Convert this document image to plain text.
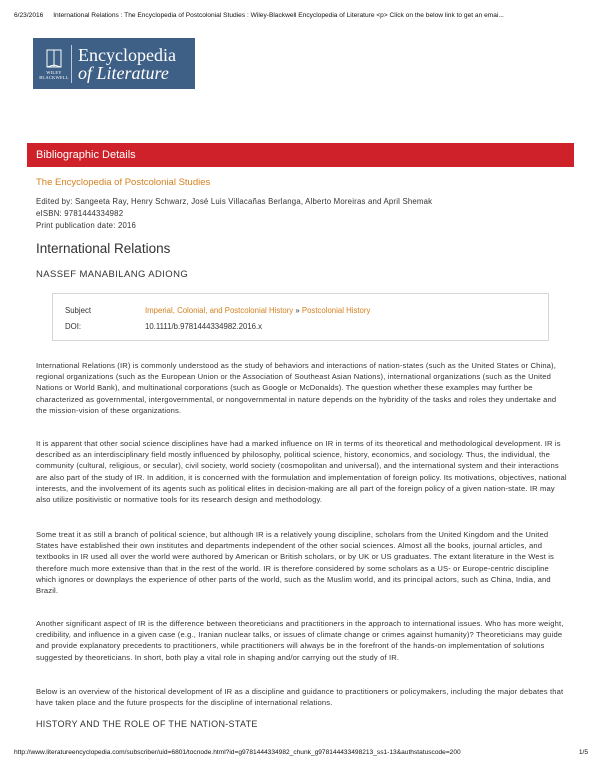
6/23/2016 International Relations : The Encyclopedia of Postcolonial Studies : Wiley-Blackwell Encyclopedia of Literature <p> Click on the below link to get an emai...
WILEY BLACKWELL
Encyclopedia
of Literature
Bibliographic Details
The Encyclopedia of Postcolonial Studies
Edited by: Sangeeta Ray, Henry Schwarz, José Luis Villacañas Berlanga, Alberto Moreiras and April Shemak
eISBN: 9781444334982
Print publication date: 2016
International Relations
NASSEF MANABILANG ADIONG
Subject	Imperial, Colonial, and Postcolonial History » Postcolonial History
DOI:	10.1111/b.9781444334982.2016.x
International Relations (IR) is commonly understood as the study of behaviors and interactions of nation-states (such as the United States or China), regional organizations (such as the European Union or the Association of Southeast Asian Nations), international organizations (such as the United Nations or World Bank), and multinational corporations (such as Google or McDonalds). The question whether these examples may further be characterized as governmental, intergovernmental, or nongovernmental in nature depends on the hybridity of the tasks and roles they undertake and the mission-vision of these organizations.
It is apparent that other social science disciplines have had a marked influence on IR in terms of its theoretical and methodological development. IR is described as an interdisciplinary field mostly influenced by philosophy, political science, history, economics, and sociology. Thus, the individual, the community (cultural, religious, or secular), civil society, world society (cosmopolitan and universal), and the international system and their interactions are also part of the study of IR. In addition, it is concerned with the formulation and implementation of foreign policy. Its motivations, objectives, national interests, and the involvement of its agents such as political elites in decision-making are all part of the foreign policy of a given nation-state. IR may also utilize positivistic or normative tools for its research design and methodology.
Some treat it as still a branch of political science, but although IR is a relatively young discipline, scholars from the United Kingdom and the United States have established their own institutes and departments independent of the other social sciences. Almost all the books, journal articles, and textbooks in IR used all over the world were authored by American or British scholars, or by UK or US graduates. The extant literature in the West is therefore much more extensive than that in the rest of the world. IR is therefore considered by some scholars as a US- or Europe-centric discipline which ignores or downplays the experience of other parts of the world, such as the Muslim world, and its principal actors, such as China, India, and Brazil.
Another significant aspect of IR is the difference between theoreticians and practitioners in the approach to international issues. Who has more weight, credibility, and influence in a given case (e.g., Iranian nuclear talks, or issues of climate change or crimes against humanity)? Theoreticians may guide and provide explanatory precedents to practitioners, while practitioners will always be in the forefront of the hands-on implementation of solutions suggested by theoreticians. In short, both play a vital role in shaping and/or carrying out the study of IR.
Below is an overview of the historical development of IR as a discipline and guidance to practitioners or policymakers, including the major debates that have taken place and the future prospects for the discipline of international relations.
HISTORY AND THE ROLE OF THE NATION-STATE
http://www.literatureencyclopedia.com/subscriber/uid=6801/tocnode.html?id=g9781444334982_chunk_g978144433498213_ss1-13&authstatuscode=200	1/5
